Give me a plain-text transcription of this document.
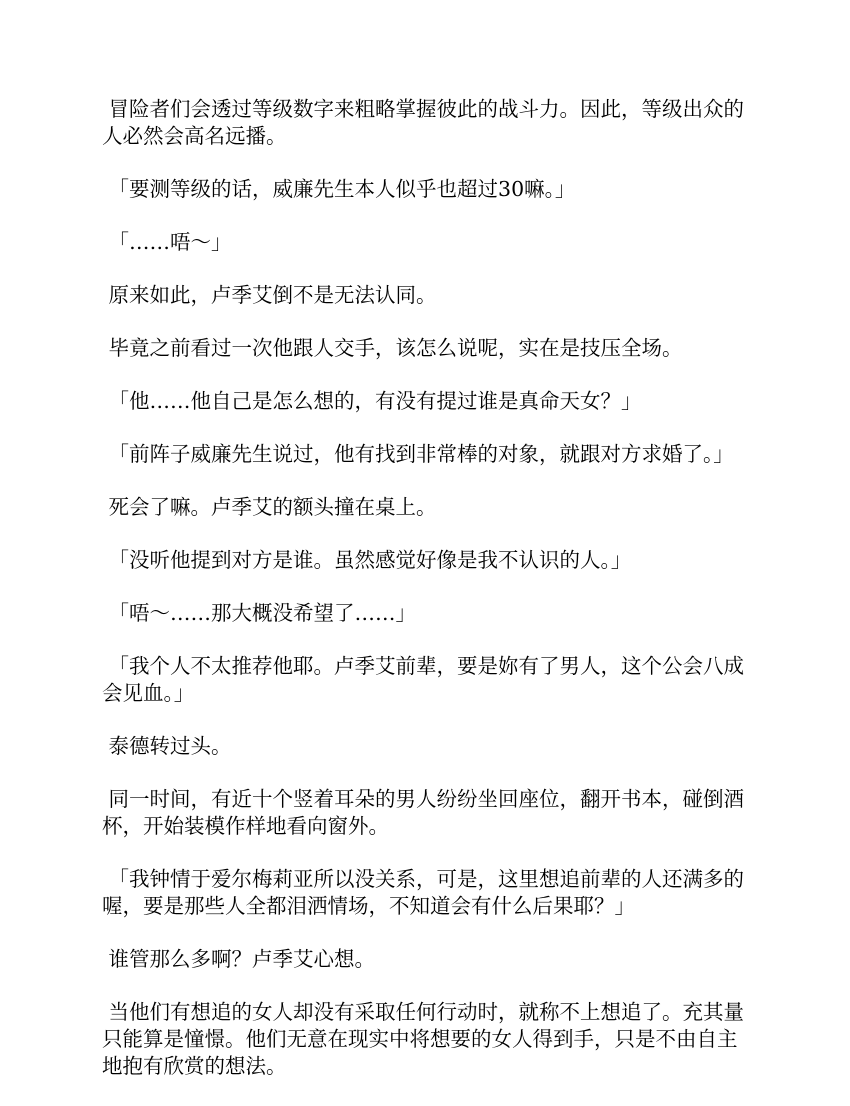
冒险者们会透过等级数字来粗略掌握彼此的战斗力。因此，等级出众的人必然会高名远播。

「要测等级的话，威廉先生本人似乎也超过30嘛。」

「……唔～」

原来如此，卢季艾倒不是无法认同。

毕竟之前看过一次他跟人交手，该怎么说呢，实在是技压全场。

「他……他自己是怎么想的，有没有提过谁是真命天女？」

「前阵子威廉先生说过，他有找到非常棒的对象，就跟对方求婚了。」

死会了嘛。卢季艾的额头撞在桌上。

「没听他提到对方是谁。虽然感觉好像是我不认识的人。」

「唔～……那大概没希望了……」

「我个人不太推荐他耶。卢季艾前辈，要是妳有了男人，这个公会八成会见血。」

泰德转过头。

同一时间，有近十个竖着耳朵的男人纷纷坐回座位，翻开书本，碰倒酒杯，开始装模作样地看向窗外。

「我钟情于爱尔梅莉亚所以没关系，可是，这里想追前辈的人还满多的喔，要是那些人全都泪洒情场，不知道会有什么后果耶？」

谁管那么多啊？卢季艾心想。

当他们有想追的女人却没有采取任何行动时，就称不上想追了。充其量只能算是憧憬。他们无意在现实中将想要的女人得到手，只是不由自主地抱有欣赏的想法。
